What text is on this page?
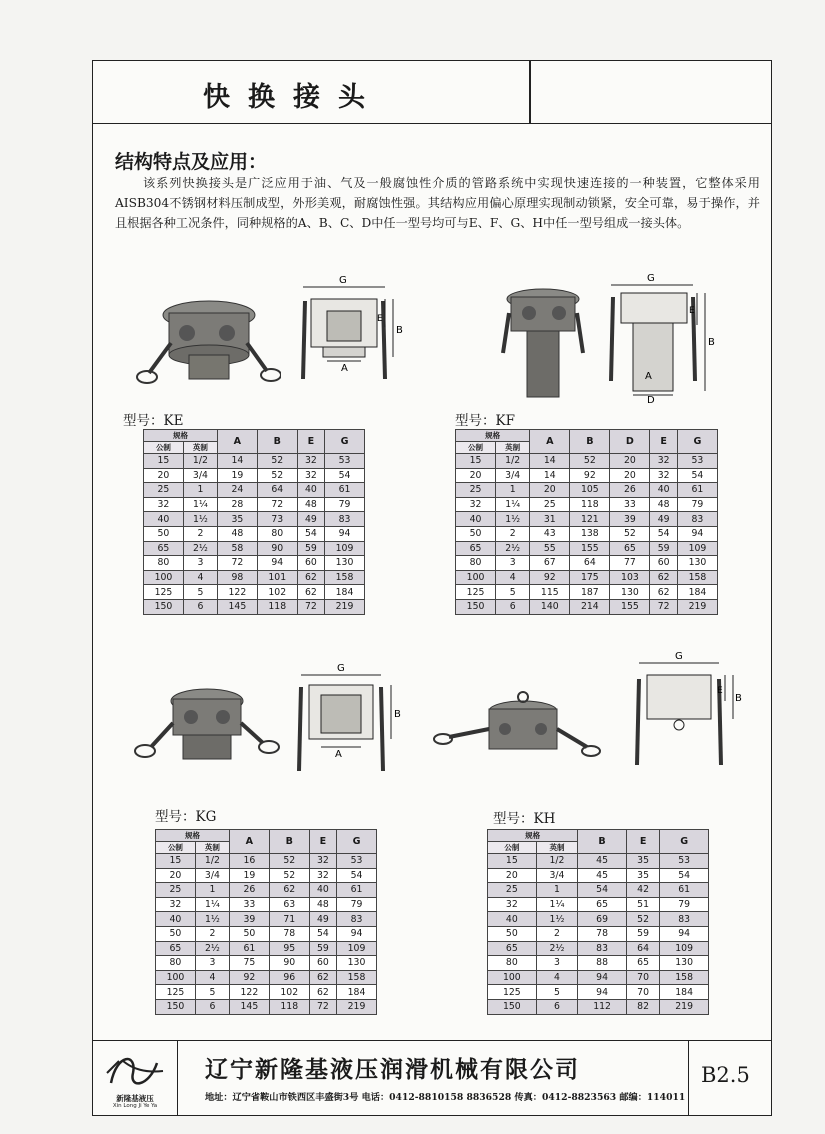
快换接头
结构特点及应用：
该系列快换接头是广泛应用于油、气及一般腐蚀性介质的管路系统中实现快速连接的一种装置，它整体采用AISB304不锈钢材料压制成型，外形美观，耐腐蚀性强。其结构应用偏心原理实现制动锁紧，安全可靠，易于操作，并且根据各种工况条件，同种规格的A、B、C、D中任一型号均可与E、F、G、H中任一型号组成一接头体。
G
A
B
E
G
A
D
B
E
型号：KE
规格		A	B	E	G
公制	英制				
15	1/2	14	52	32	53
20	3/4	19	52	32	54
25	1	24	64	40	61
32	1¹⁄₄	28	72	48	79
40	1¹⁄₂	35	73	49	83
50	2	48	80	54	94
65	2¹⁄₂	58	90	59	109
80	3	72	94	60	130
100	4	98	101	62	158
125	5	122	102	62	184
150	6	145	118	72	219
型号：KF
规格		A	B	D	E	G
公制	英制					
15	1/2	14	52	20	32	53
20	3/4	14	92	20	32	54
25	1	20	105	26	40	61
32	1¹⁄₄	25	118	33	48	79
40	1¹⁄₂	31	121	39	49	83
50	2	43	138	52	54	94
65	2¹⁄₂	55	155	65	59	109
80	3	67	64	77	60	130
100	4	92	175	103	62	158
125	5	115	187	130	62	184
150	6	140	214	155	72	219
G
A
B
G
B
E
型号：KG
规格		A	B	E	G
公制	英制				
15	1/2	16	52	32	53
20	3/4	19	52	32	54
25	1	26	62	40	61
32	1¹⁄₄	33	63	48	79
40	1¹⁄₂	39	71	49	83
50	2	50	78	54	94
65	2¹⁄₂	61	95	59	109
80	3	75	90	60	130
100	4	92	96	62	158
125	5	122	102	62	184
150	6	145	118	72	219
型号：KH
规格		B	E	G
公制	英制			
15	1/2	45	35	53
20	3/4	45	35	54
25	1	54	42	61
32	1¹⁄₄	65	51	79
40	1¹⁄₂	69	52	83
50	2	78	59	94
65	2¹⁄₂	83	64	109
80	3	88	65	130
100	4	94	70	158
125	5	94	70	184
150	6	112	82	219
新隆基液压
Xin Long Ji Ye Ya
辽宁新隆基液压润滑机械有限公司
地址：辽宁省鞍山市铁西区丰盛街3号 电话：0412-8810158 8836528 传真：0412-8823563 邮编：114011
B2.5
